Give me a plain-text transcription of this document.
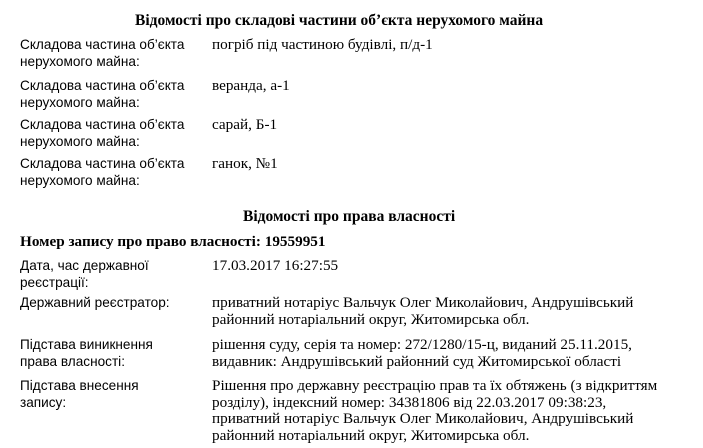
Відомості про складові частини об’єкта нерухомого майна
Складова частина об’єкта
нерухомого майна:
погріб під частиною будівлі, п/д-1
Складова частина об’єкта
нерухомого майна:
веранда, а-1
Складова частина об’єкта
нерухомого майна:
сарай, Б-1
Складова частина об’єкта
нерухомого майна:
ганок, №1
Відомості про права власності
Номер запису про право власності: 19559951
Дата, час державної
реєстрації:
17.03.2017 16:27:55
Державний реєстратор:	приватний нотаріус Вальчук Олег Миколайович, Андрушівський
районний нотаріальний округ, Житомирська обл.
Підстава виникнення
права власності:
рішення суду, серія та номер: 272/1280/15-ц, виданий 25.11.2015,
видавник: Андрушівський районний суд Житомирської області
Підстава внесення
запису:
Рішення про державну реєстрацію прав та їх обтяжень (з відкриттям
розділу), індексний номер: 34381806 від 22.03.2017 09:38:23,
приватний нотаріус Вальчук Олег Миколайович, Андрушівський
районний нотаріальний округ, Житомирська обл.
